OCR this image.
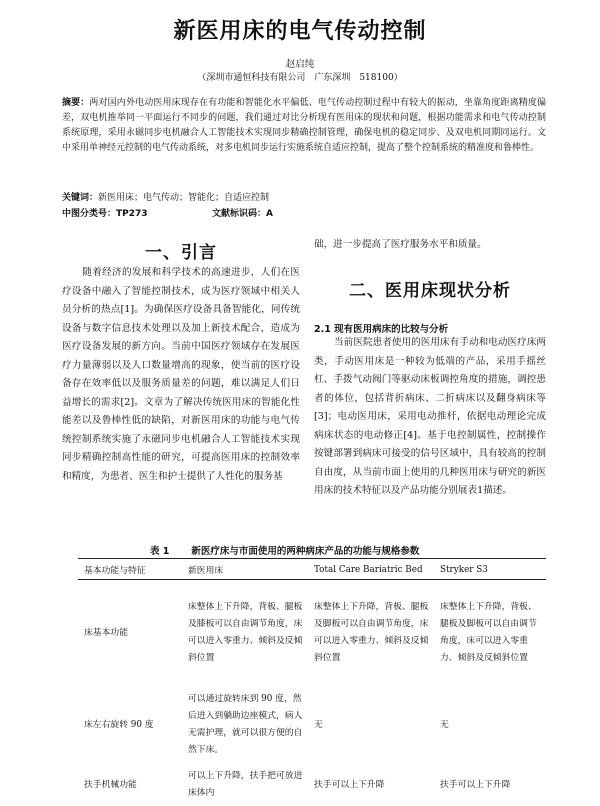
新医用床的电气传动控制
赵启纯
（深圳市通恒科技有限公司　广东深圳　518100）
摘要：两对国内外电动医用床现存在有功能和智能化水平偏低、电气传动控制过程中有较大的振动，坐靠角度距离精度偏差，双电机推举同一平面运行不同步的问题，我们通过对比分析现有医用床的现状和问题，根据功能需求和电气传动控制系统原理，采用永磁同步电机融合人工智能技术实现同步精确控制管理，确保电机的稳定同步、及双电机同期同运行。文中采用单神经元控制的电气传动系统，对多电机同步运行实施系统自适应控制，提高了整个控制系统的精准度和鲁棒性。
关键词：新医用床；电气传动；智能化；自适应控制
中图分类号：TP273	文献标识码：A
一、引言
随着经济的发展和科学技术的高速进步，人们在医疗设备中融入了智能控制技术，成为医疗领域中相关人员分析的热点[1]。为确保医疗设备具备智能化，同传统设备与数字信息技术处理以及加上新技术配合，造成为医疗设备发展的新方向。当前中国医疗领域存在发展医疗力量薄弱以及人口数量增高的现象，使当前的医疗设备存在效率低以及服务质量差的问题，难以满足人们日益增长的需求[2]。文章为了解决传统医用床的智能化性能差以及鲁棒性低的缺陷，对新医用床的功能与电气传统控制系统实施了永磁同步电机融合人工智能技术实现同步精确控制高性能的研究，可提高医用床的控制效率和精度，为患者、医生和护士提供了人性化的服务基
础，进一步提高了医疗服务水平和质量。
二、医用床现状分析
2.1 现有医用病床的比较与分析
当前医院患者使用的医用床有手动和电动医疗床两类，手动医用床是一种较为低端的产品，采用手摇丝杠、手拨气动阀门等驱动床板调控角度的措施，调控患者的体位，包括背折病床、二折病床以及翻身病床等[3]；电动医用床，采用电动推杆，依据电动理论完成病床状态的电动修正[4]。基于电控制属性，控制操作按键部署到病床可接受的信号区域中，具有较高的控制自由度，从当前市面上使用的几种医用床与研究的新医用床的技术特征以及产品功能分别展表1描述。
表 1 新医疗床与市面使用的两种病床产品的功能与规格参数
基本功能与特征	新医用床	Total Care Bariatric Bed	Stryker S3
床基本功能	床整体上下升降，背板、腿板及膝板可以自由调节角度，床可以进入零重力、倾斜及反倾斜位置	床整体上下升降，背板、腿板及脚板可以自由调节角度，床可以进入零重力、倾斜及反倾斜位置	床整体上下升降，背板、腿板及脚板可以自由调节角度，床可以进入零重力、倾斜及反倾斜位置
床左右旋转 90 度	可以通过旋转床到 90 度，然后进入到躺助边座模式，病人无需护理，就可以很方便的自然下床。	无	无
扶手机械功能	可以上下升降，扶手把可放进床体内	扶手可以上下升降	扶手可以上下升降
